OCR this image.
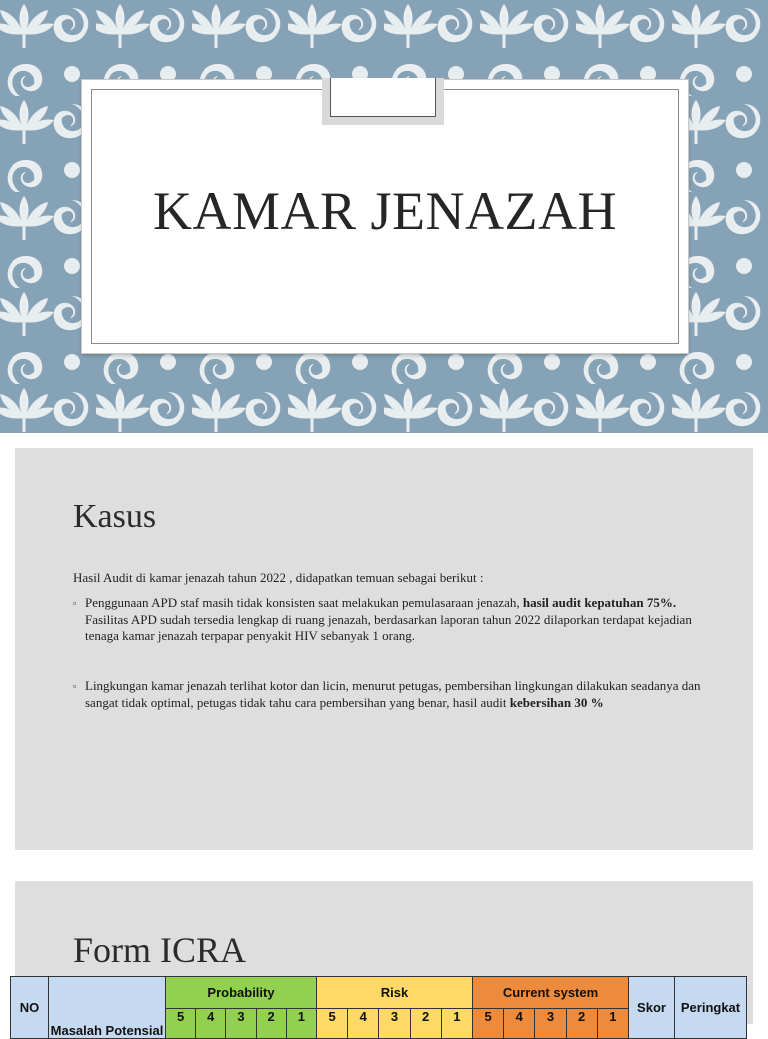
KAMAR JENAZAH
Kasus
Hasil Audit di kamar jenazah tahun 2022 , didapatkan temuan sebagai berikut :
▫ Penggunaan APD staf masih tidak konsisten saat melakukan pemulasaraan jenazah, hasil audit kepatuhan 75%. Fasilitas APD sudah tersedia lengkap di ruang jenazah, berdasarkan laporan tahun 2022 dilaporkan terdapat kejadian tenaga kamar jenazah terpapar penyakit HIV sebanyak 1 orang.
▫ Lingkungan kamar jenazah terlihat kotor dan licin, menurut petugas, pembersihan lingkungan dilakukan seadanya dan sangat tidak optimal, petugas tidak tahu cara pembersihan yang benar, hasil audit kebersihan 30 %
Form ICRA
NO	Masalah Potensial	Probability					Risk					Current system					Skor	Peringkat
		5	4	3	2	1	5	4	3	2	1	5	4	3	2	1		
